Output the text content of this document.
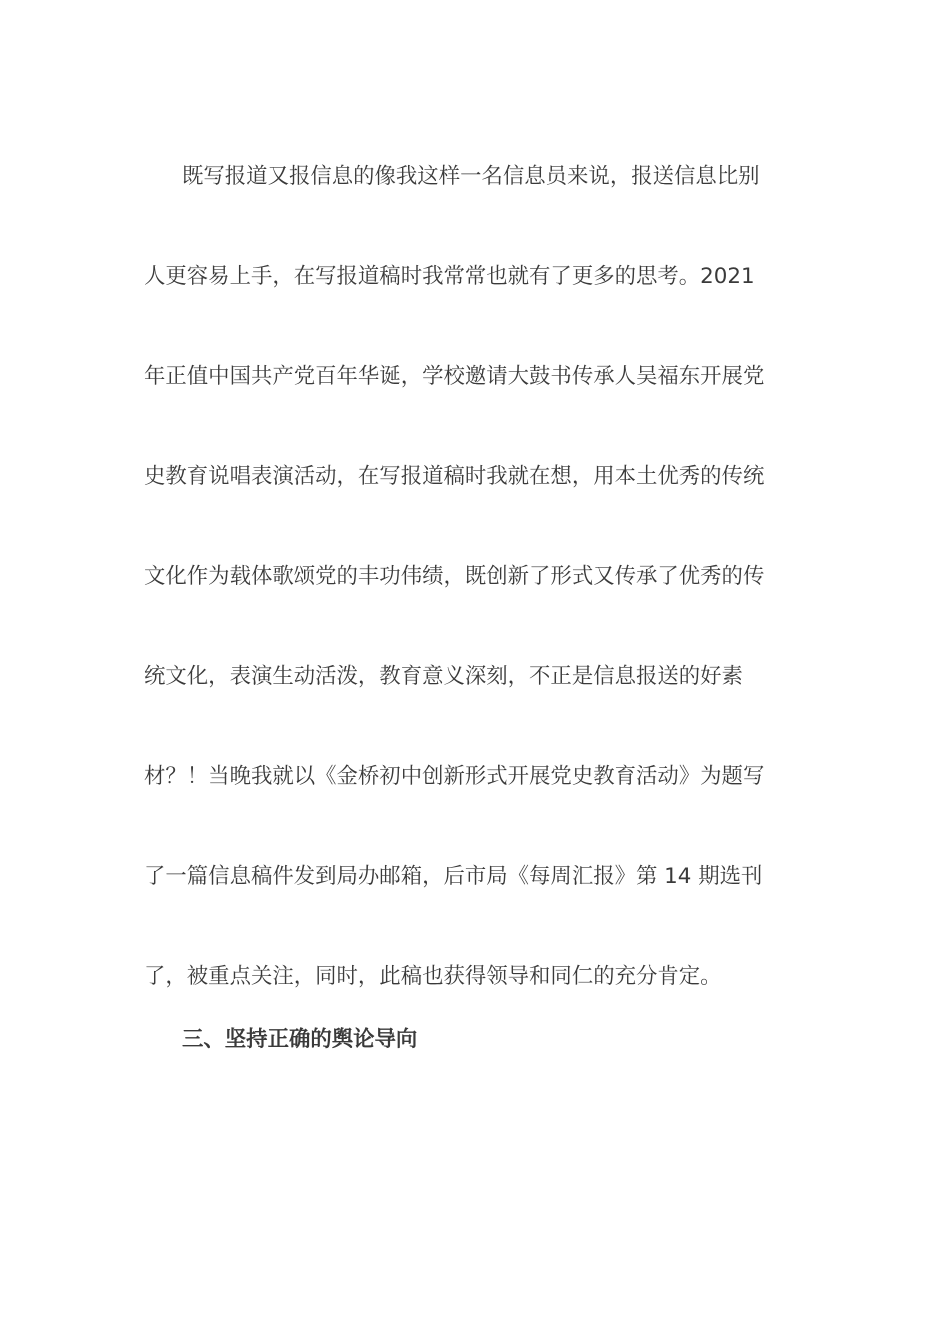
既写报道又报信息的像我这样一名信息员来说，报送信息比别
人更容易上手，在写报道稿时我常常也就有了更多的思考。2021
年正值中国共产党百年华诞，学校邀请大鼓书传承人吴福东开展党
史教育说唱表演活动，在写报道稿时我就在想，用本土优秀的传统
文化作为载体歌颂党的丰功伟绩，既创新了形式又传承了优秀的传
统文化，表演生动活泼，教育意义深刻，不正是信息报送的好素
材？！当晚我就以《金桥初中创新形式开展党史教育活动》为题写
了一篇信息稿件发到局办邮箱，后市局《每周汇报》第 14 期选刊
了，被重点关注，同时，此稿也获得领导和同仁的充分肯定。
三、坚持正确的舆论导向
